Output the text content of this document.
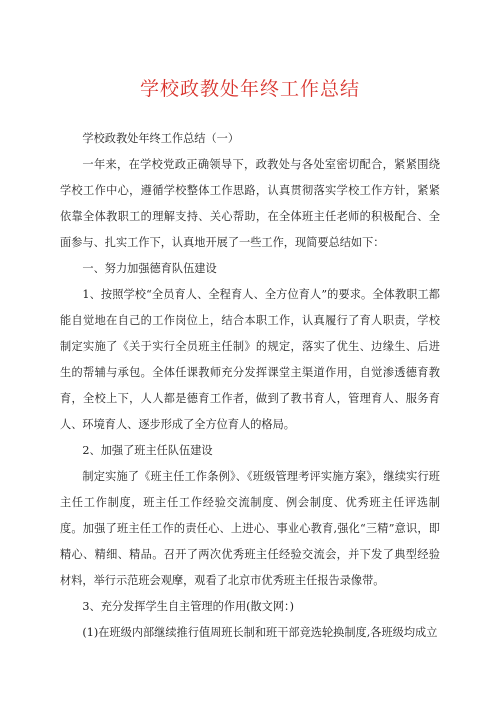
学校政教处年终工作总结

学校政教处年终工作总结（一）

一年来，在学校党政正确领导下，政教处与各处室密切配合，紧紧围绕学校工作中心，遵循学校整体工作思路，认真贯彻落实学校工作方针，紧紧依靠全体教职工的理解支持、关心帮助，在全体班主任老师的积极配合、全面参与、扎实工作下，认真地开展了一些工作，现简要总结如下：

一、努力加强德育队伍建设

1、按照学校“全员育人、全程育人、全方位育人”的要求。全体教职工都能自觉地在自己的工作岗位上，结合本职工作，认真履行了育人职责，学校制定实施了《关于实行全员班主任制》的规定，落实了优生、边缘生、后进生的帮辅与承包。全体任课教师充分发挥课堂主渠道作用，自觉渗透德育教育，全校上下，人人都是德育工作者，做到了教书育人，管理育人、服务育人、环境育人、逐步形成了全方位育人的格局。

2、加强了班主任队伍建设

制定实施了《班主任工作条例》、《班级管理考评实施方案》，继续实行班主任工作制度，班主任工作经验交流制度、例会制度、优秀班主任评选制度。加强了班主任工作的责任心、上进心、事业心教育,强化“三精”意识，即精心、精细、精品。召开了两次优秀班主任经验交流会，并下发了典型经验材料，举行示范班会观摩，观看了北京市优秀班主任报告录像带。

3、充分发挥学生自主管理的作用(散文网：)

(1)在班级内部继续推行值周班长制和班干部竞选轮换制度,各班级均成立
